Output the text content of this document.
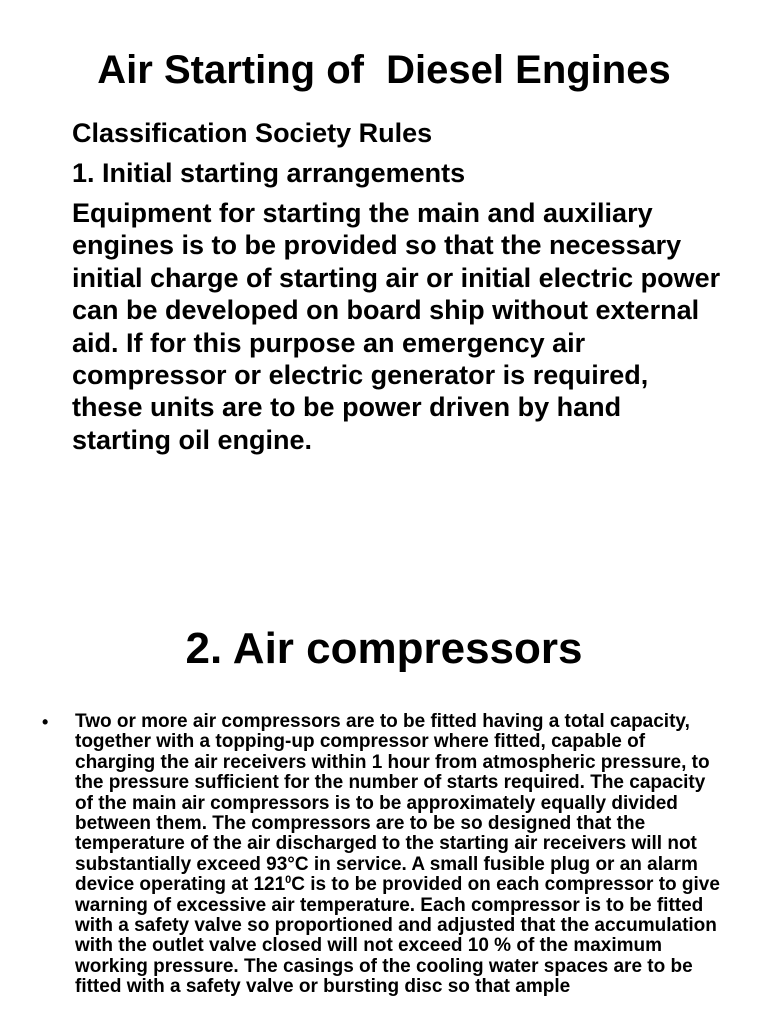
Air Starting of  Diesel Engines

Classification Society Rules

1. Initial starting arrangements

Equipment for starting the main and auxiliary engines is to be provided so that the necessary initial charge of starting air or initial electric power can be developed on board ship without external aid. If for this purpose an emergency air compressor or electric generator is required, these units are to be power driven by hand starting oil engine.

2. Air compressors
• Two or more air compressors are to be fitted having a total capacity, together with a topping-up compressor where fitted, capable of charging the air receivers within 1 hour from atmospheric pressure, to the pressure sufficient for the number of starts required. The capacity of the main air compressors is to be approximately equally divided between them. The compressors are to be so designed that the temperature of the air discharged to the starting air receivers will not substantially exceed 93°C in service. A small fusible plug or an alarm device operating at $121^0C$ is to be provided on each compressor to give warning of excessive air temperature. Each compressor is to be fitted with a safety valve so proportioned and adjusted that the accumulation with the outlet valve closed will not exceed 10 % of the maximum working pressure. The casings of the cooling water spaces are to be fitted with a safety valve or bursting disc so that ample
